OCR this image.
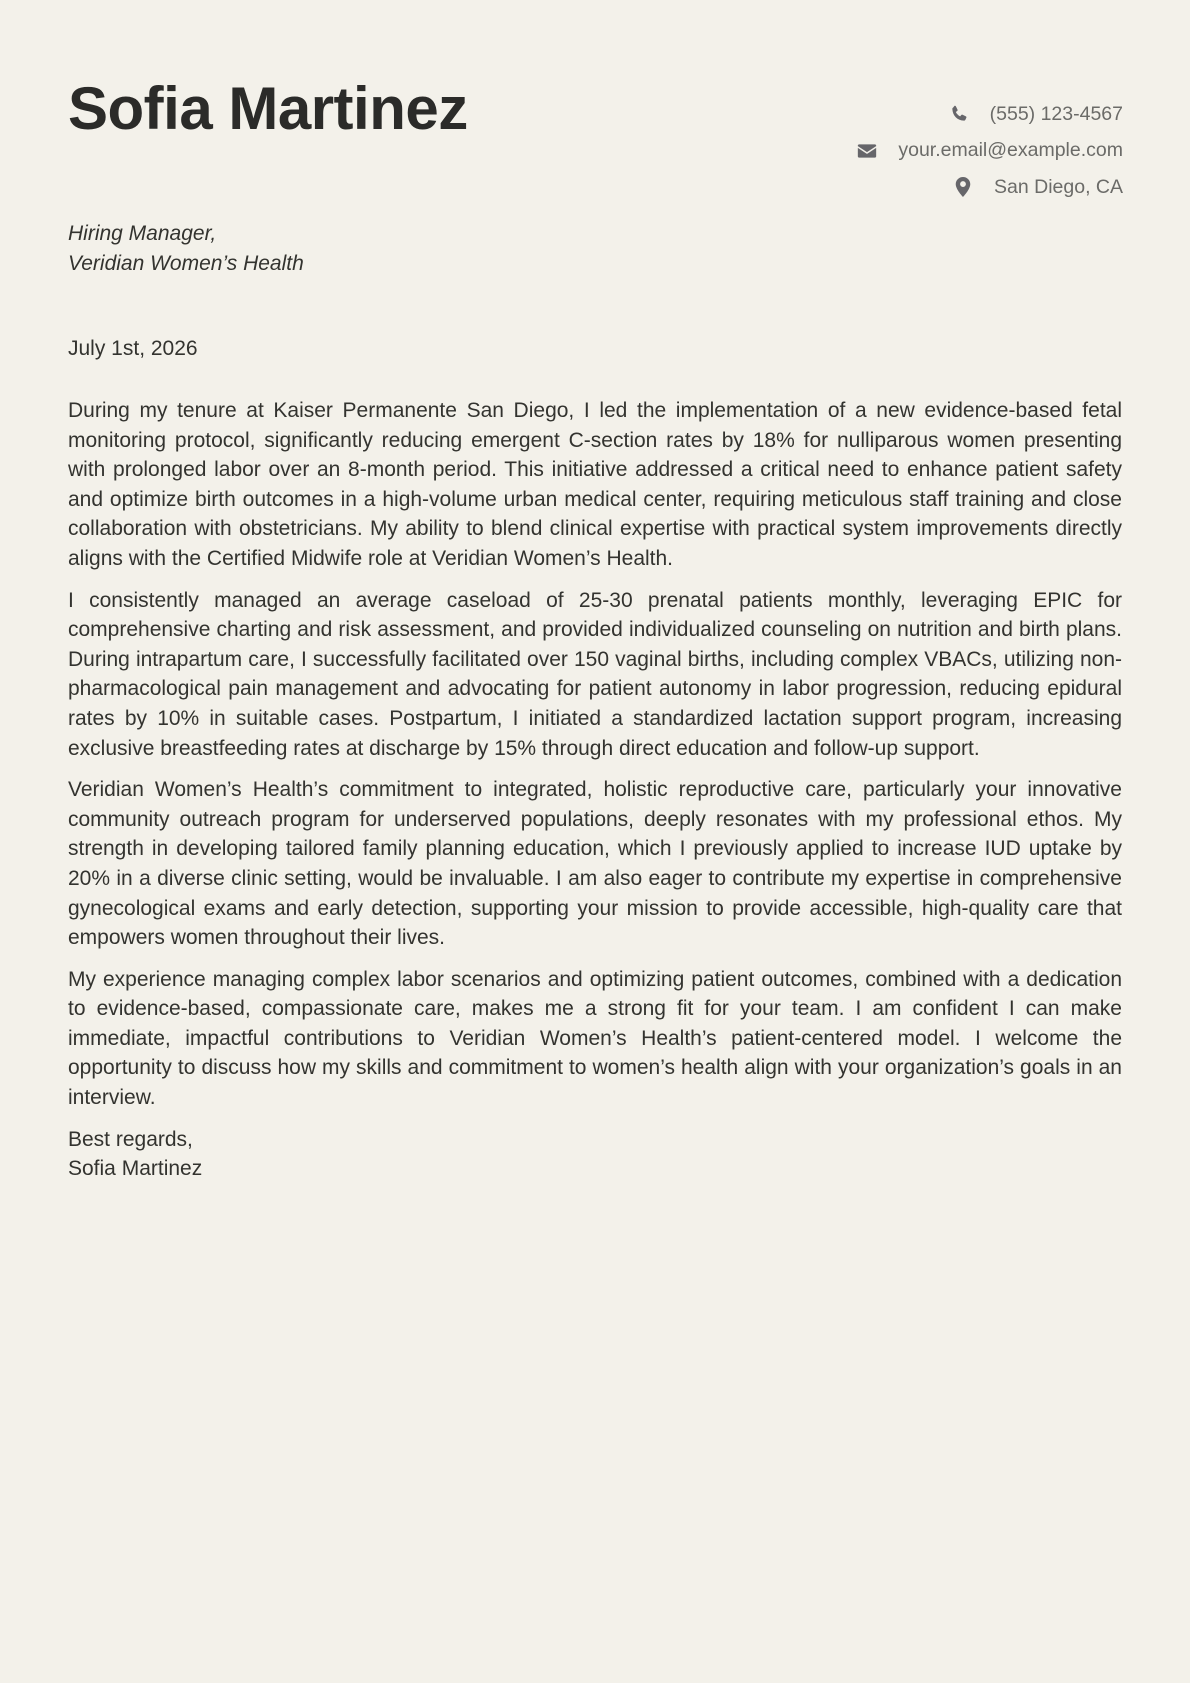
Sofia Martinez	(555) 123-4567
your.email@example.com
San Diego, CA
Hiring Manager,
Veridian Women’s Health
July 1st, 2026

During my tenure at Kaiser Permanente San Diego, I led the implementation of a new evidence-based fetal monitoring protocol, significantly reducing emergent C-section rates by 18% for nulliparous women presenting with prolonged labor over an 8-month period. This initiative addressed a critical need to enhance patient safety and optimize birth outcomes in a high-volume urban medical center, requiring meticulous staff training and close collaboration with obstetricians. My ability to blend clinical expertise with practical system improvements directly aligns with the Certified Midwife role at Veridian Women’s Health.

I consistently managed an average caseload of 25-30 prenatal patients monthly, leveraging EPIC for comprehensive charting and risk assessment, and provided individualized counseling on nutrition and birth plans. During intrapartum care, I successfully facilitated over 150 vaginal births, including complex VBACs, utilizing non-pharmacological pain management and advocating for patient autonomy in labor progression, reducing epidural rates by 10% in suitable cases. Postpartum, I initiated a standardized lactation support program, increasing exclusive breastfeeding rates at discharge by 15% through direct education and follow-up support.

Veridian Women’s Health’s commitment to integrated, holistic reproductive care, particularly your innovative community outreach program for underserved populations, deeply resonates with my professional ethos. My strength in developing tailored family planning education, which I previously applied to increase IUD uptake by 20% in a diverse clinic setting, would be invaluable. I am also eager to contribute my expertise in comprehensive gynecological exams and early detection, supporting your mission to provide accessible, high-quality care that empowers women throughout their lives.

My experience managing complex labor scenarios and optimizing patient outcomes, combined with a dedication to evidence-based, compassionate care, makes me a strong fit for your team. I am confident I can make immediate, impactful contributions to Veridian Women’s Health’s patient-centered model. I welcome the opportunity to discuss how my skills and commitment to women’s health align with your organization’s goals in an interview.

Best regards,
Sofia Martinez
